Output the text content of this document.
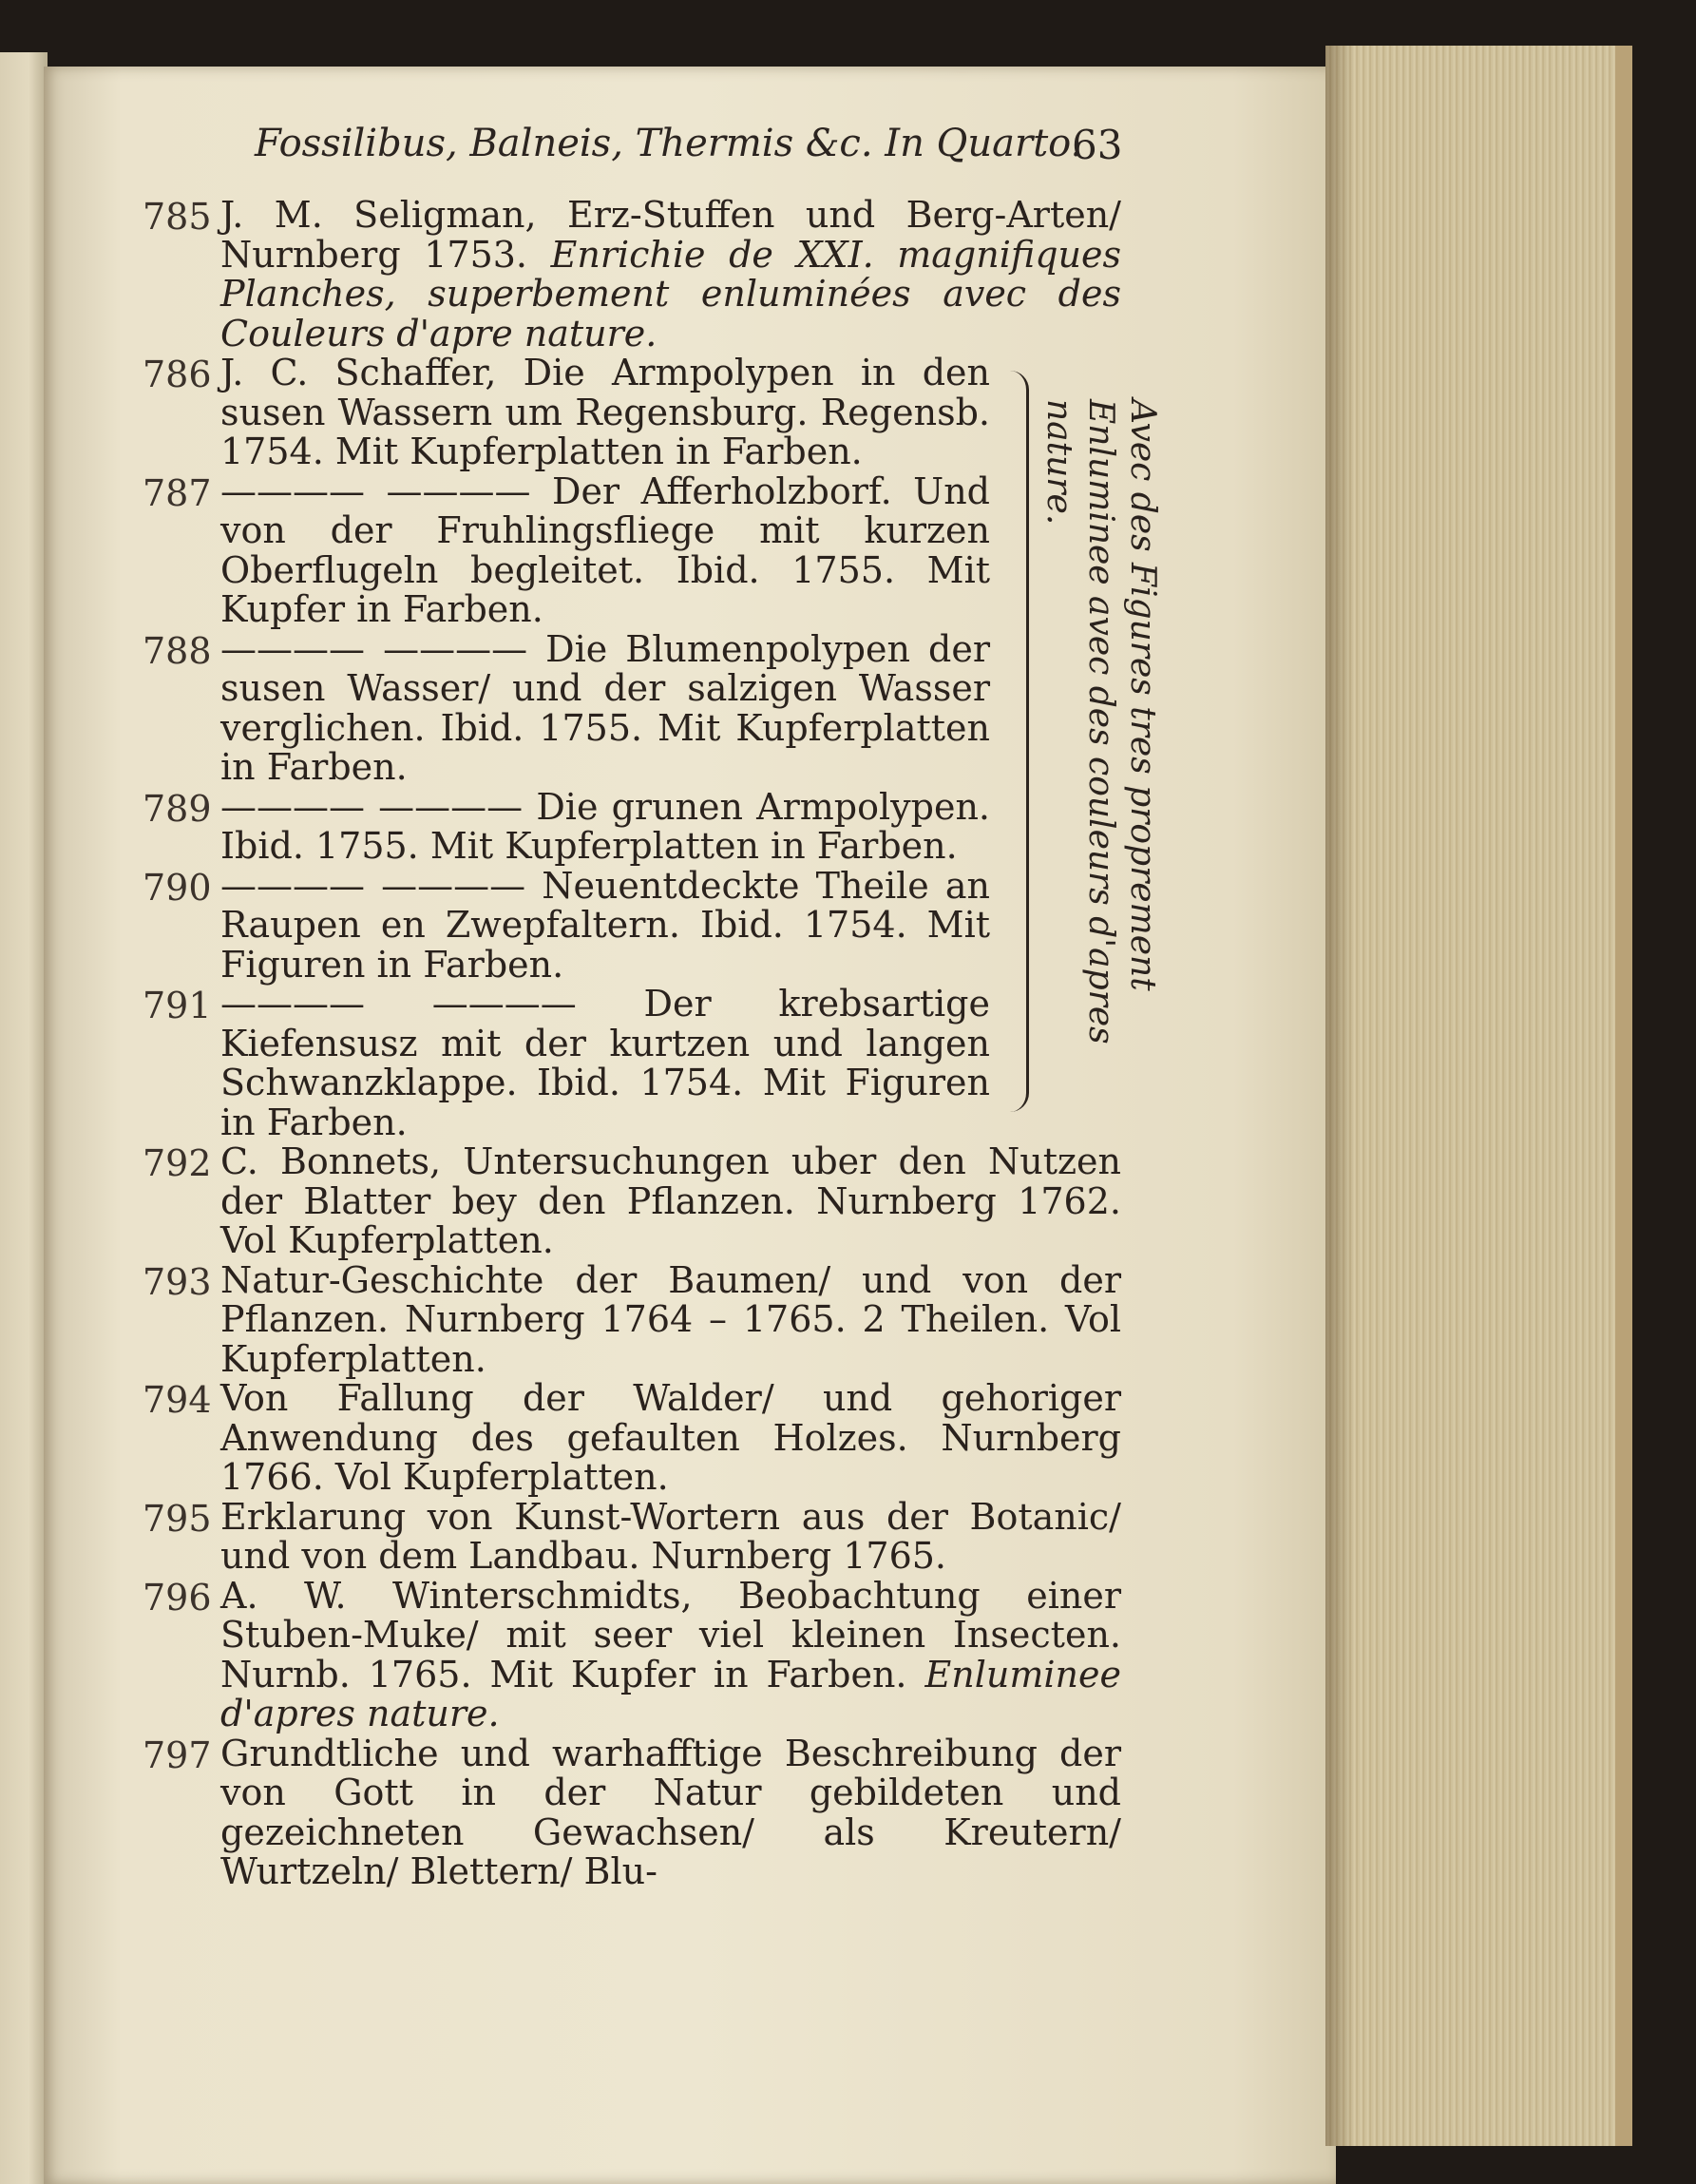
Fossilibus, Balneis, Thermis &c. In Quarto.
63
785 J. M. Seligman, Erz-Stuffen und Berg-Arten/ Nurnberg 1753. Enrichie de XXI. magnifiques Planches, superbement enluminées avec des Couleurs d'apre nature.
786 J. C. Schaffer, Die Armpolypen in den susen Wassern um Regensburg. Regensb. 1754. Mit Kupferplatten in Farben.
787 ———— ———— Der Afferholzborf. Und von der Fruhlingsfliege mit kurzen Oberflugeln begleitet. Ibid. 1755. Mit Kupfer in Farben.
788 ———— ———— Die Blumenpolypen der susen Wasser/ und der salzigen Wasser verglichen. Ibid. 1755. Mit Kupferplatten in Farben.
789 ———— ———— Die grunen Armpolypen. Ibid. 1755. Mit Kupferplatten in Farben.
790 ———— ———— Neuentdeckte Theile an Raupen en Zwepfaltern. Ibid. 1754. Mit Figuren in Farben.
791 ———— ———— Der krebsartige Kiefensusz mit der kurtzen und langen Schwanzklappe. Ibid. 1754. Mit Figuren in Farben.
792 C. Bonnets, Untersuchungen uber den Nutzen der Blatter bey den Pflanzen. Nurnberg 1762. Vol Kupferplatten.
793 Natur-Geschichte der Baumen/ und von der Pflanzen. Nurnberg 1764 – 1765. 2 Theilen. Vol Kupferplatten.
794 Von Fallung der Walder/ und gehoriger Anwendung des gefaulten Holzes. Nurnberg 1766. Vol Kupferplatten.
795 Erklarung von Kunst-Wortern aus der Botanic/ und von dem Landbau. Nurnberg 1765.
796 A. W. Winterschmidts, Beobachtung einer Stuben-Muke/ mit seer viel kleinen Insecten. Nurnb. 1765. Mit Kupfer in Farben. Enluminee d'apres nature.
797 Grundtliche und warhafftige Beschreibung der von Gott in der Natur gebildeten und gezeichneten Gewachsen/ als Kreutern/ Wurtzeln/ Blettern/ Blu-
Avec des Figures tres proprement Enluminee avec des couleurs d'apres nature.
